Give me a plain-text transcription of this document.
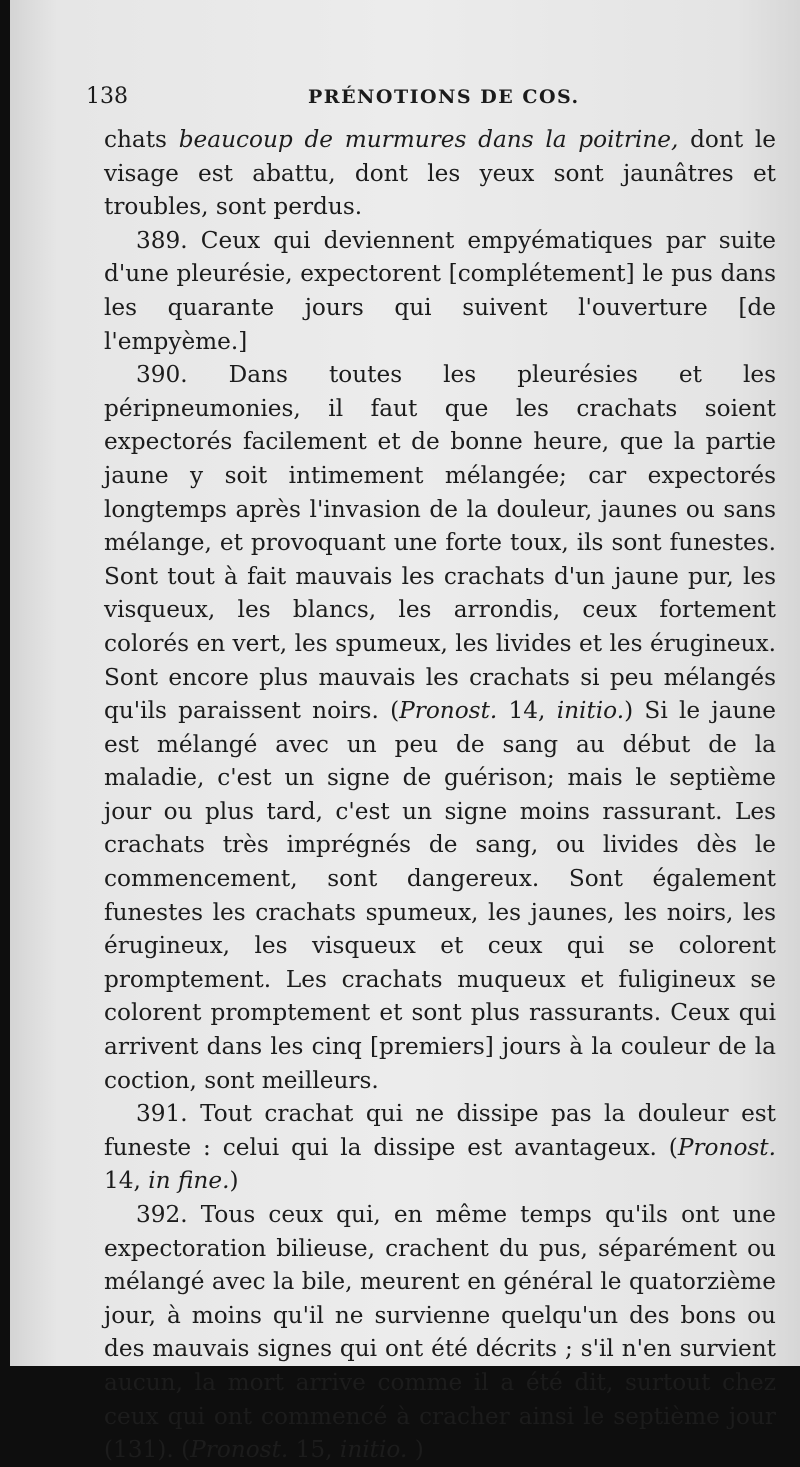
138	PRÉNOTIONS DE COS.

chats beaucoup de murmures dans la poitrine, dont le visage est abattu, dont les yeux sont jaunâtres et troubles, sont perdus.

389. Ceux qui deviennent empyématiques par suite d'une pleurésie, expectorent [complétement] le pus dans les quarante jours qui suivent l'ouverture [de l'empyème.]

390. Dans toutes les pleurésies et les péripneumonies, il faut que les crachats soient expectorés facilement et de bonne heure, que la partie jaune y soit intimement mélangée; car expectorés longtemps après l'invasion de la douleur, jaunes ou sans mélange, et provoquant une forte toux, ils sont funestes. Sont tout à fait mauvais les crachats d'un jaune pur, les visqueux, les blancs, les arrondis, ceux fortement colorés en vert, les spumeux, les livides et les érugineux. Sont encore plus mauvais les crachats si peu mélangés qu'ils paraissent noirs. (Pronost. 14, initio.) Si le jaune est mélangé avec un peu de sang au début de la maladie, c'est un signe de guérison; mais le septième jour ou plus tard, c'est un signe moins rassurant. Les crachats très imprégnés de sang, ou livides dès le commencement, sont dangereux. Sont également funestes les crachats spumeux, les jaunes, les noirs, les érugineux, les visqueux et ceux qui se colorent promptement. Les crachats muqueux et fuligineux se colorent promptement et sont plus rassurants. Ceux qui arrivent dans les cinq [premiers] jours à la couleur de la coction, sont meilleurs.

391. Tout crachat qui ne dissipe pas la douleur est funeste : celui qui la dissipe est avantageux. (Pronost. 14, in fine.)

392. Tous ceux qui, en même temps qu'ils ont une expectoration bilieuse, crachent du pus, séparément ou mélangé avec la bile, meurent en général le quatorzième jour, à moins qu'il ne survienne quelqu'un des bons ou des mauvais signes qui ont été décrits ; s'il n'en survient aucun, la mort arrive comme il a été dit, surtout chez ceux qui ont commencé à cracher ainsi le septième jour (131). (Pronost. 15, initio. )
